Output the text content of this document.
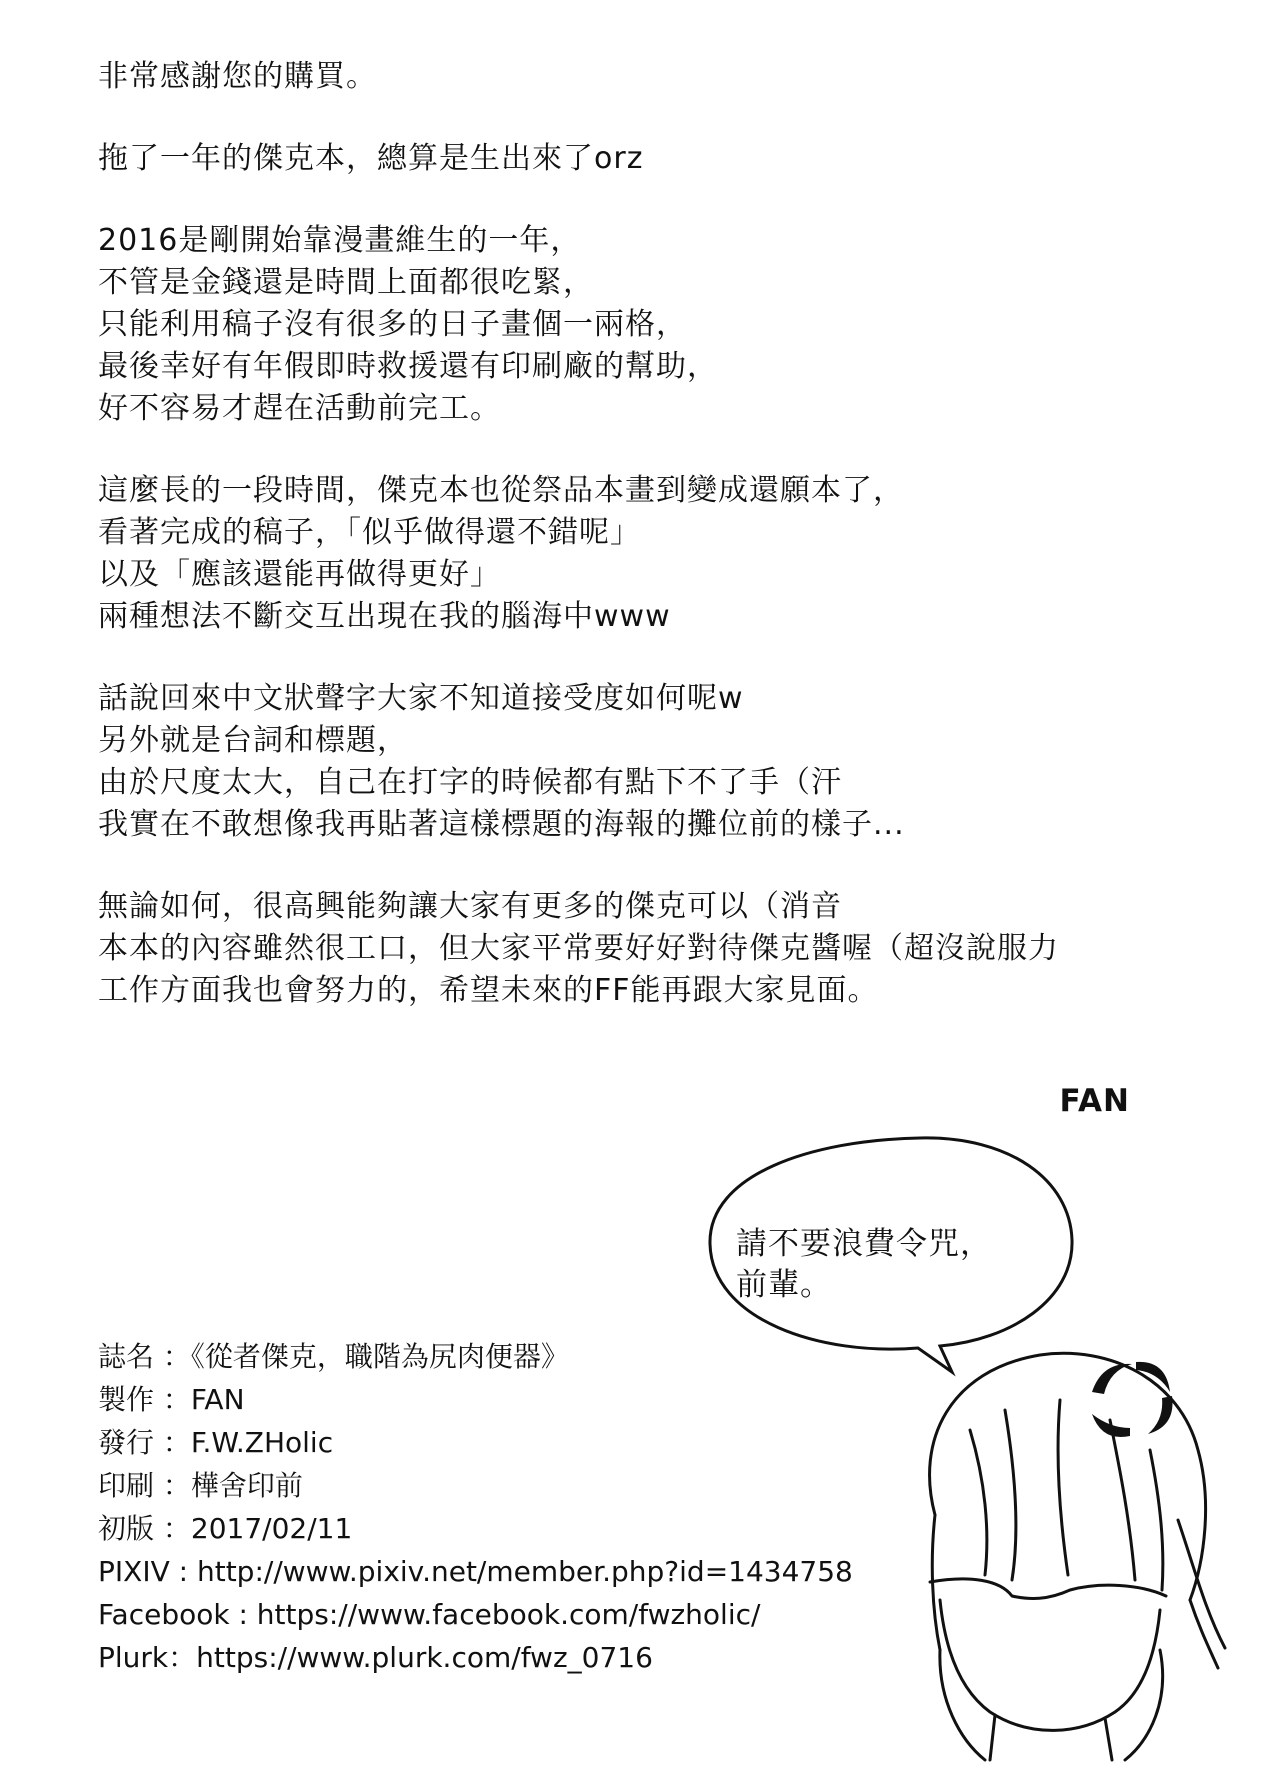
非常感謝您的購買。
拖了一年的傑克本，總算是生出來了orz
2016是剛開始靠漫畫維生的一年，
不管是金錢還是時間上面都很吃緊，
只能利用稿子沒有很多的日子畫個一兩格，
最後幸好有年假即時救援還有印刷廠的幫助，
好不容易才趕在活動前完工。
這麼長的一段時間，傑克本也從祭品本畫到變成還願本了，
看著完成的稿子，「似乎做得還不錯呢」
以及「應該還能再做得更好」
兩種想法不斷交互出現在我的腦海中www
話說回來中文狀聲字大家不知道接受度如何呢w
另外就是台詞和標題，
由於尺度太大，自己在打字的時候都有點下不了手（汗
我實在不敢想像我再貼著這樣標題的海報的攤位前的樣子...
無論如何，很高興能夠讓大家有更多的傑克可以（消音
本本的內容雖然很工口，但大家平常要好好對待傑克醬喔（超沒說服力
工作方面我也會努力的，希望未來的FF能再跟大家見面。
FAN
請不要浪費令咒，
前輩。
誌名 ：《從者傑克，職階為尻肉便器》
製作 ：FAN
發行 ：F.W.ZHolic
印刷 ：樺舍印前
初版 ：2017/02/11
PIXIV : http://www.pixiv.net/member.php?id=1434758
Facebook : https://www.facebook.com/fwzholic/
Plurk：https://www.plurk.com/fwz_0716
